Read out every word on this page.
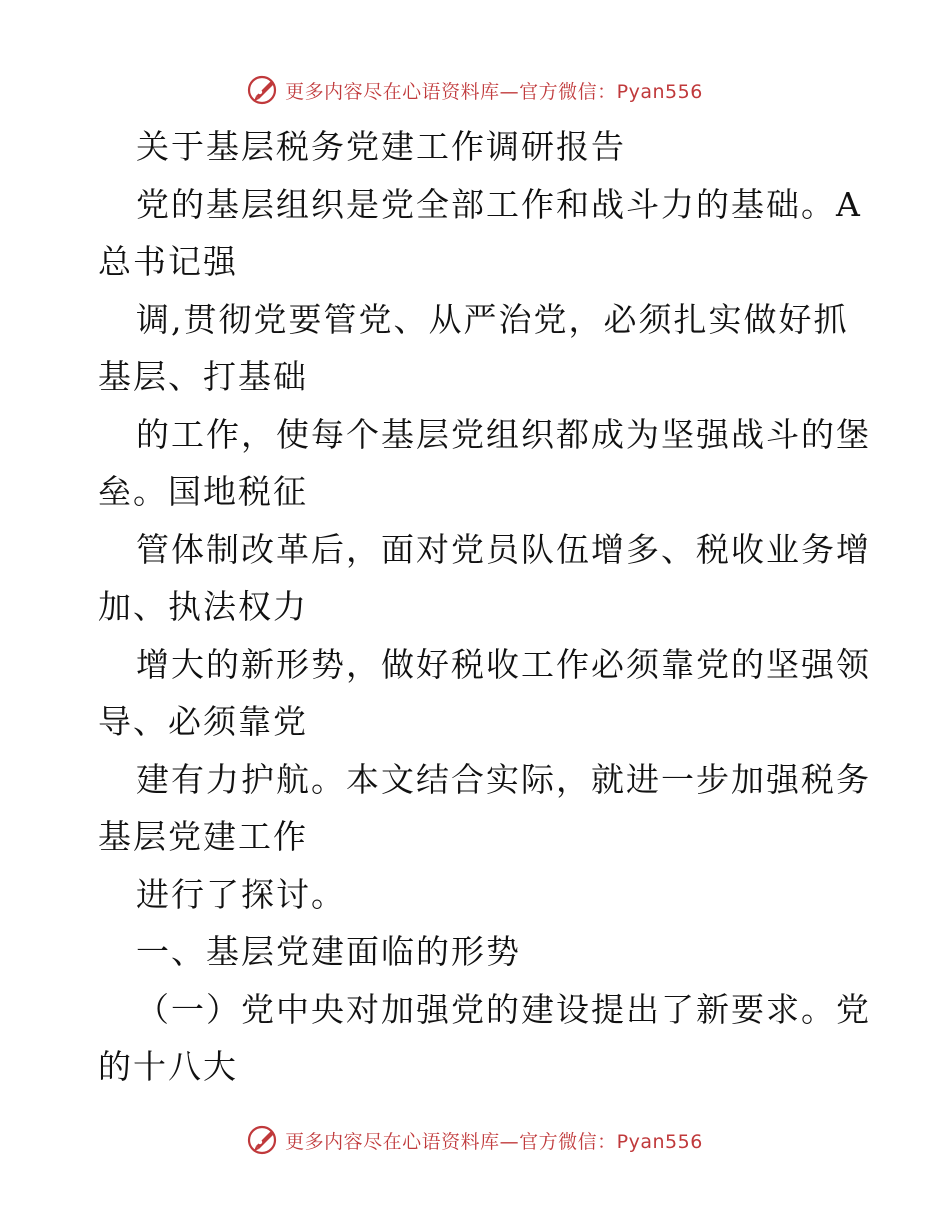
更多内容尽在心语资料库—官方微信：Pyan556
关于基层税务党建工作调研报告
党的基层组织是党全部工作和战斗力的基础。A
总书记强
调,贯彻党要管党、从严治党，必须扎实做好抓
基层、打基础
的工作，使每个基层党组织都成为坚强战斗的堡
垒。国地税征
管体制改革后，面对党员队伍增多、税收业务增
加、执法权力
增大的新形势，做好税收工作必须靠党的坚强领
导、必须靠党
建有力护航。本文结合实际，就进一步加强税务
基层党建工作
进行了探讨。
一、基层党建面临的形势
（一）党中央对加强党的建设提出了新要求。党
的十八大
更多内容尽在心语资料库—官方微信：Pyan556
